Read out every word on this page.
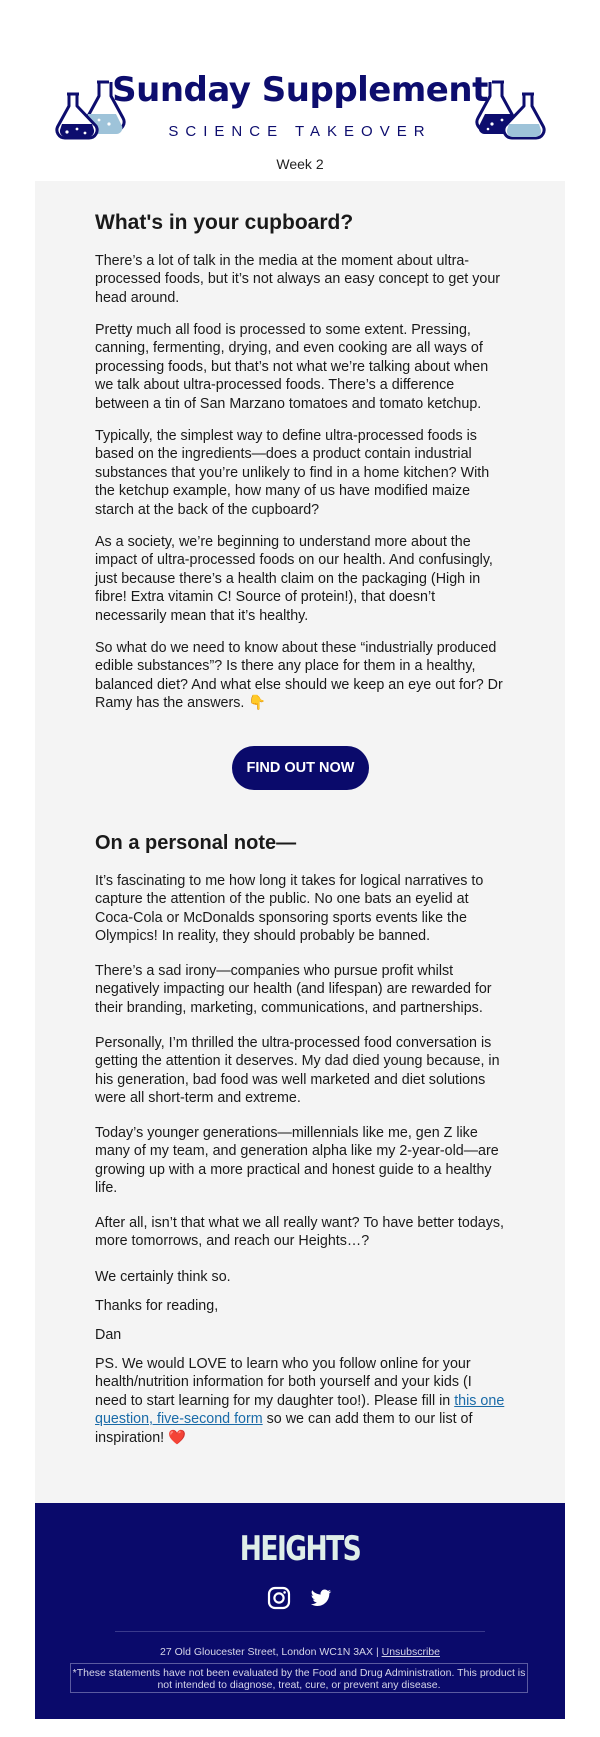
Sunday Supplement
SCIENCE TAKEOVER
Week 2
What's in your cupboard?

There’s a lot of talk in the media at the moment about ultra-processed foods, but it’s not always an easy concept to get your head around.

Pretty much all food is processed to some extent. Pressing, canning, fermenting, drying, and even cooking are all ways of processing foods, but that’s not what we’re talking about when we talk about ultra-processed foods. There’s a difference between a tin of San Marzano tomatoes and tomato ketchup.

Typically, the simplest way to define ultra-processed foods is based on the ingredients—does a product contain industrial substances that you’re unlikely to find in a home kitchen? With the ketchup example, how many of us have modified maize starch at the back of the cupboard?

As a society, we’re beginning to understand more about the impact of ultra-processed foods on our health. And confusingly, just because there’s a health claim on the packaging (High in fibre! Extra vitamin C! Source of protein!), that doesn’t necessarily mean that it’s healthy.

So what do we need to know about these “industrially produced edible substances”? Is there any place for them in a healthy, balanced diet? And what else should we keep an eye out for? Dr Ramy has the answers. 👇

FIND OUT NOW
On a personal note—

It’s fascinating to me how long it takes for logical narratives to capture the attention of the public. No one bats an eyelid at Coca-Cola or McDonalds sponsoring sports events like the Olympics! In reality, they should probably be banned.

There’s a sad irony—companies who pursue profit whilst negatively impacting our health (and lifespan) are rewarded for their branding, marketing, communications, and partnerships.

Personally, I’m thrilled the ultra-processed food conversation is getting the attention it deserves. My dad died young because, in his generation, bad food was well marketed and diet solutions were all short-term and extreme.

Today’s younger generations—millennials like me, gen Z like many of my team, and generation alpha like my 2-year-old—are growing up with a more practical and honest guide to a healthy life.

After all, isn’t that what we all really want? To have better todays, more tomorrows, and reach our Heights…?

We certainly think so.

Thanks for reading,

Dan

PS. We would LOVE to learn who you follow online for your health/nutrition information for both yourself and your kids (I need to start learning for my daughter too!). Please fill in this one question, five-second form so we can add them to our list of inspiration! ❤️

HEIGHTS
27 Old Gloucester Street, London WC1N 3AX | Unsubscribe
*These statements have not been evaluated by the Food and Drug Administration. This product is not intended to diagnose, treat, cure, or prevent any disease.
